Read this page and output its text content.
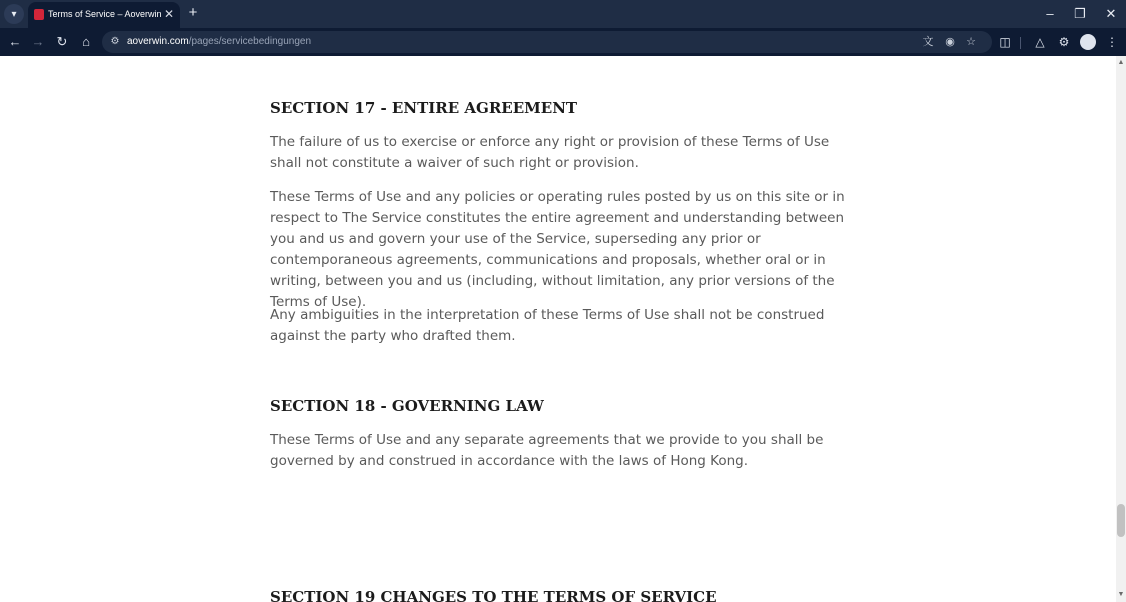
▾	Terms of Service – Aoverwin ✕ +	–	❐	✕
← → ↻	⌂	⚙ aoverwin.com/pages/servicebedingungen	文 ◉ ☆ ◫	△	⚙	⋮
SECTION 17 - ENTIRE AGREEMENT

The failure of us to exercise or enforce any right or provision of these Terms of Use shall not constitute a waiver of such right or provision.

These Terms of Use and any policies or operating rules posted by us on this site or in respect to The Service constitutes the entire agreement and understanding between you and us and govern your use of the Service, superseding any prior or contemporaneous agreements, communications and proposals, whether oral or in writing, between you and us (including, without limitation, any prior versions of the Terms of Use).

Any ambiguities in the interpretation of these Terms of Use shall not be construed against the party who drafted them.

SECTION 18 - GOVERNING LAW

These Terms of Use and any separate agreements that we provide to you shall be governed by and construed in accordance with the laws of Hong Kong.

SECTION 19 CHANGES TO THE TERMS OF SERVICE
▲
▼
